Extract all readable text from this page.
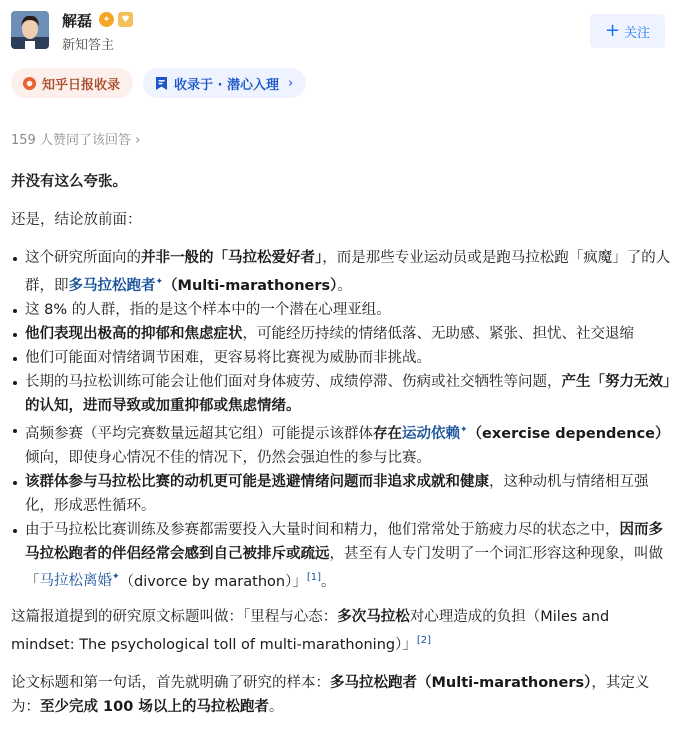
解磊	✦	♥
新知答主
+ 关注
知乎日报收录	收录于 · 潜心入理 ›
159 人赞同了该回答 ›

并没有这么夸张。

还是，结论放前面：

这个研究所面向的并非一般的「马拉松爱好者」，而是那些专业运动员或是跑马拉松跑「疯魔」了的人群，即多马拉松跑者✦（Multi-marathoners）。
这 8% 的人群，指的是这个样本中的一个潜在心理亚组。
他们表现出极高的抑郁和焦虑症状，可能经历持续的情绪低落、无助感、紧张、担忧、社交退缩
他们可能面对情绪调节困难，更容易将比赛视为威胁而非挑战。
长期的马拉松训练可能会让他们面对身体疲劳、成绩停滞、伤病或社交牺牲等问题，产生「努力无效」的认知，进而导致或加重抑郁或焦虑情绪。
高频参赛（平均完赛数量远超其它组）可能提示该群体存在运动依赖✦（exercise dependence）倾向，即使身心情况不佳的情况下，仍然会强迫性的参与比赛。
该群体参与马拉松比赛的动机更可能是逃避情绪问题而非追求成就和健康，这种动机与情绪相互强化，形成恶性循环。
由于马拉松比赛训练及参赛都需要投入大量时间和精力，他们常常处于筋疲力尽的状态之中，因而多马拉松跑者的伴侣经常会感到自己被排斥或疏远，甚至有人专门发明了一个词汇形容这种现象，叫做「马拉松离婚✦（divorce by marathon）」[1]。

这篇报道提到的研究原文标题叫做：「里程与心态：多次马拉松对心理造成的负担（Miles and mindset: The psychological toll of multi-marathoning）」[2]

论文标题和第一句话，首先就明确了研究的样本：多马拉松跑者（Multi-marathoners），其定义为：至少完成 100 场以上的马拉松跑者。
